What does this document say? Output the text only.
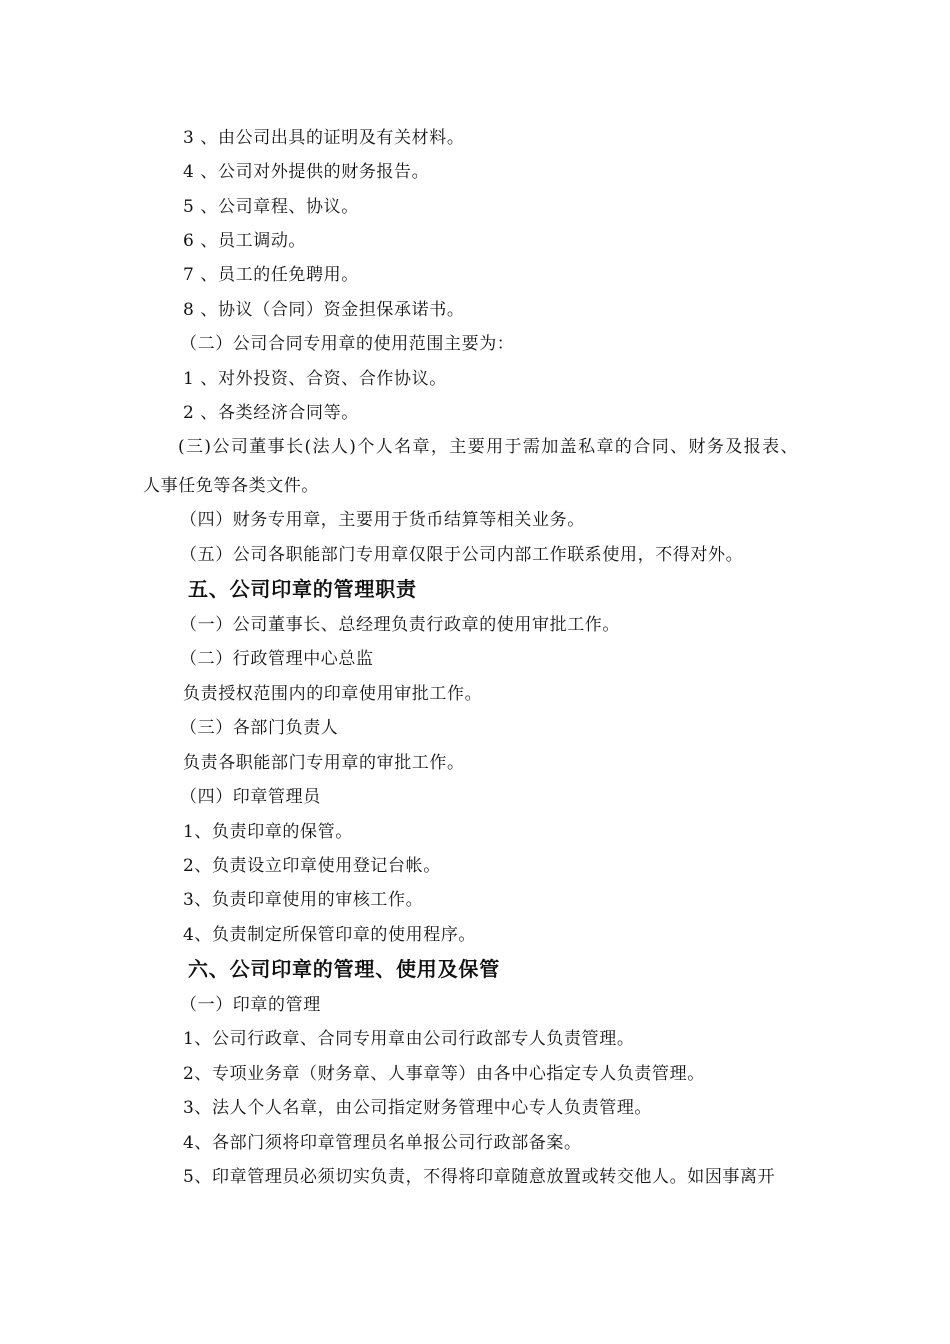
3 、由公司出具的证明及有关材料。
4 、公司对外提供的财务报告。
5 、公司章程、协议。
6 、员工调动。
7 、员工的任免聘用。
8 、协议（合同）资金担保承诺书。
（二）公司合同专用章的使用范围主要为：
1 、对外投资、合资、合作协议。
2 、各类经济合同等。
(三)公司董事长(法人)个人名章，主要用于需加盖私章的合同、财务及报表、
人事任免等各类文件。
（四）财务专用章，主要用于货币结算等相关业务。
（五）公司各职能部门专用章仅限于公司内部工作联系使用，不得对外。
五、公司印章的管理职责
（一）公司董事长、总经理负责行政章的使用审批工作。
（二）行政管理中心总监
负责授权范围内的印章使用审批工作。
（三）各部门负责人
负责各职能部门专用章的审批工作。
（四）印章管理员
1、负责印章的保管。
2、负责设立印章使用登记台帐。
3、负责印章使用的审核工作。
4、负责制定所保管印章的使用程序。
六、公司印章的管理、使用及保管
（一）印章的管理
1、公司行政章、合同专用章由公司行政部专人负责管理。
2、专项业务章（财务章、人事章等）由各中心指定专人负责管理。
3、法人个人名章，由公司指定财务管理中心专人负责管理。
4、各部门须将印章管理员名单报公司行政部备案。
5、印章管理员必须切实负责，不得将印章随意放置或转交他人。如因事离开
